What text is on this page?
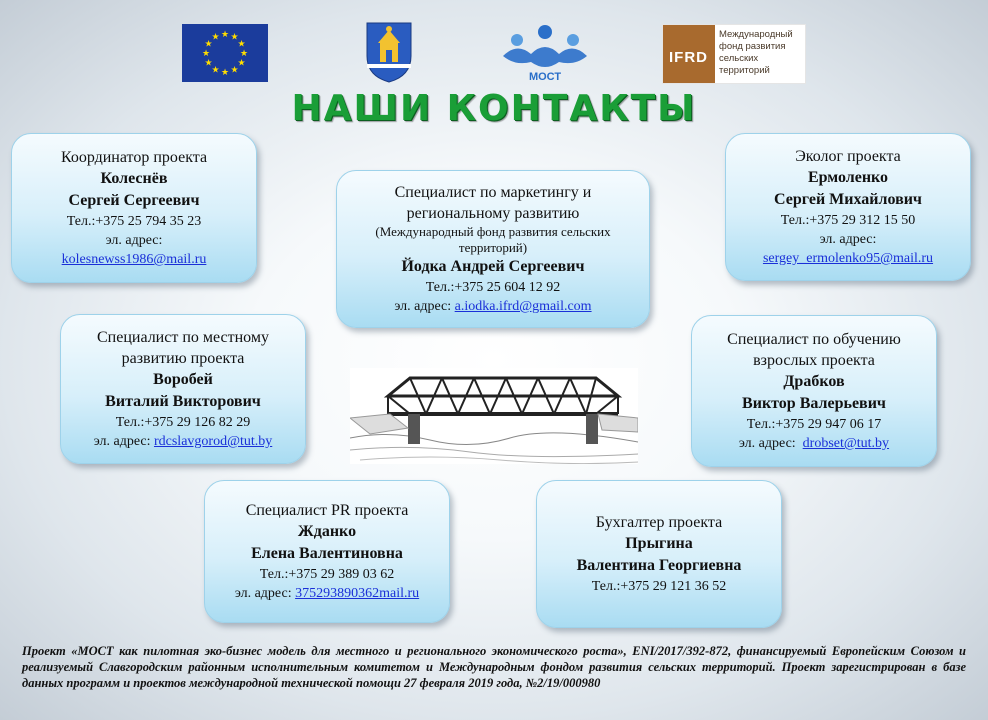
★ ★
★
★
★
★
★
★
★
★
★
★
МОСТ
IFRD
Международный фонд развития сельских территорий
НАШИ КОНТАКТЫ
Координатор проекта
Колеснёв
Сергей Сергеевич
Тел.:+375 25 794 35 23
эл. адрес:
kolesnewss1986@mail.ru
Специалист по маркетингу и региональному развитию
(Международный фонд развития сельских территорий)
Йодка Андрей Сергеевич
Тел.:+375 25 604 12 92
эл. адрес: a.iodka.ifrd@gmail.com
Эколог проекта
Ермоленко
Сергей Михайлович
Тел.:+375 29 312 15 50
эл. адрес:
sergey_ermolenko95@mail.ru
Специалист по местному развитию проекта
Воробей
Виталий Викторович
Тел.:+375 29 126 82 29
эл. адрес: rdcslavgorod@tut.by
Специалист по обучению взрослых проекта
Драбков
Виктор Валерьевич
Тел.:+375 29 947 06 17
эл. адрес: drobset@tut.by
Специалист PR проекта
Жданко
Елена Валентиновна
Тел.:+375 29 389 03 62
эл. адрес: 375293890362mail.ru
Бухгалтер проекта
Прыгина
Валентина Георгиевна
Тел.:+375 29 121 36 52

Проект «МОСТ как пилотная эко-бизнес модель для местного и регионального экономического роста», ENI/2017/392-872, финансируемый Европейским Союзом и реализуемый Славгородским районным исполнительным комитетом и Международным фондом развития сельских территорий. Проект зарегистрирован в базе данных программ и проектов международной технической помощи 27 февраля 2019 года, №2/19/000980
